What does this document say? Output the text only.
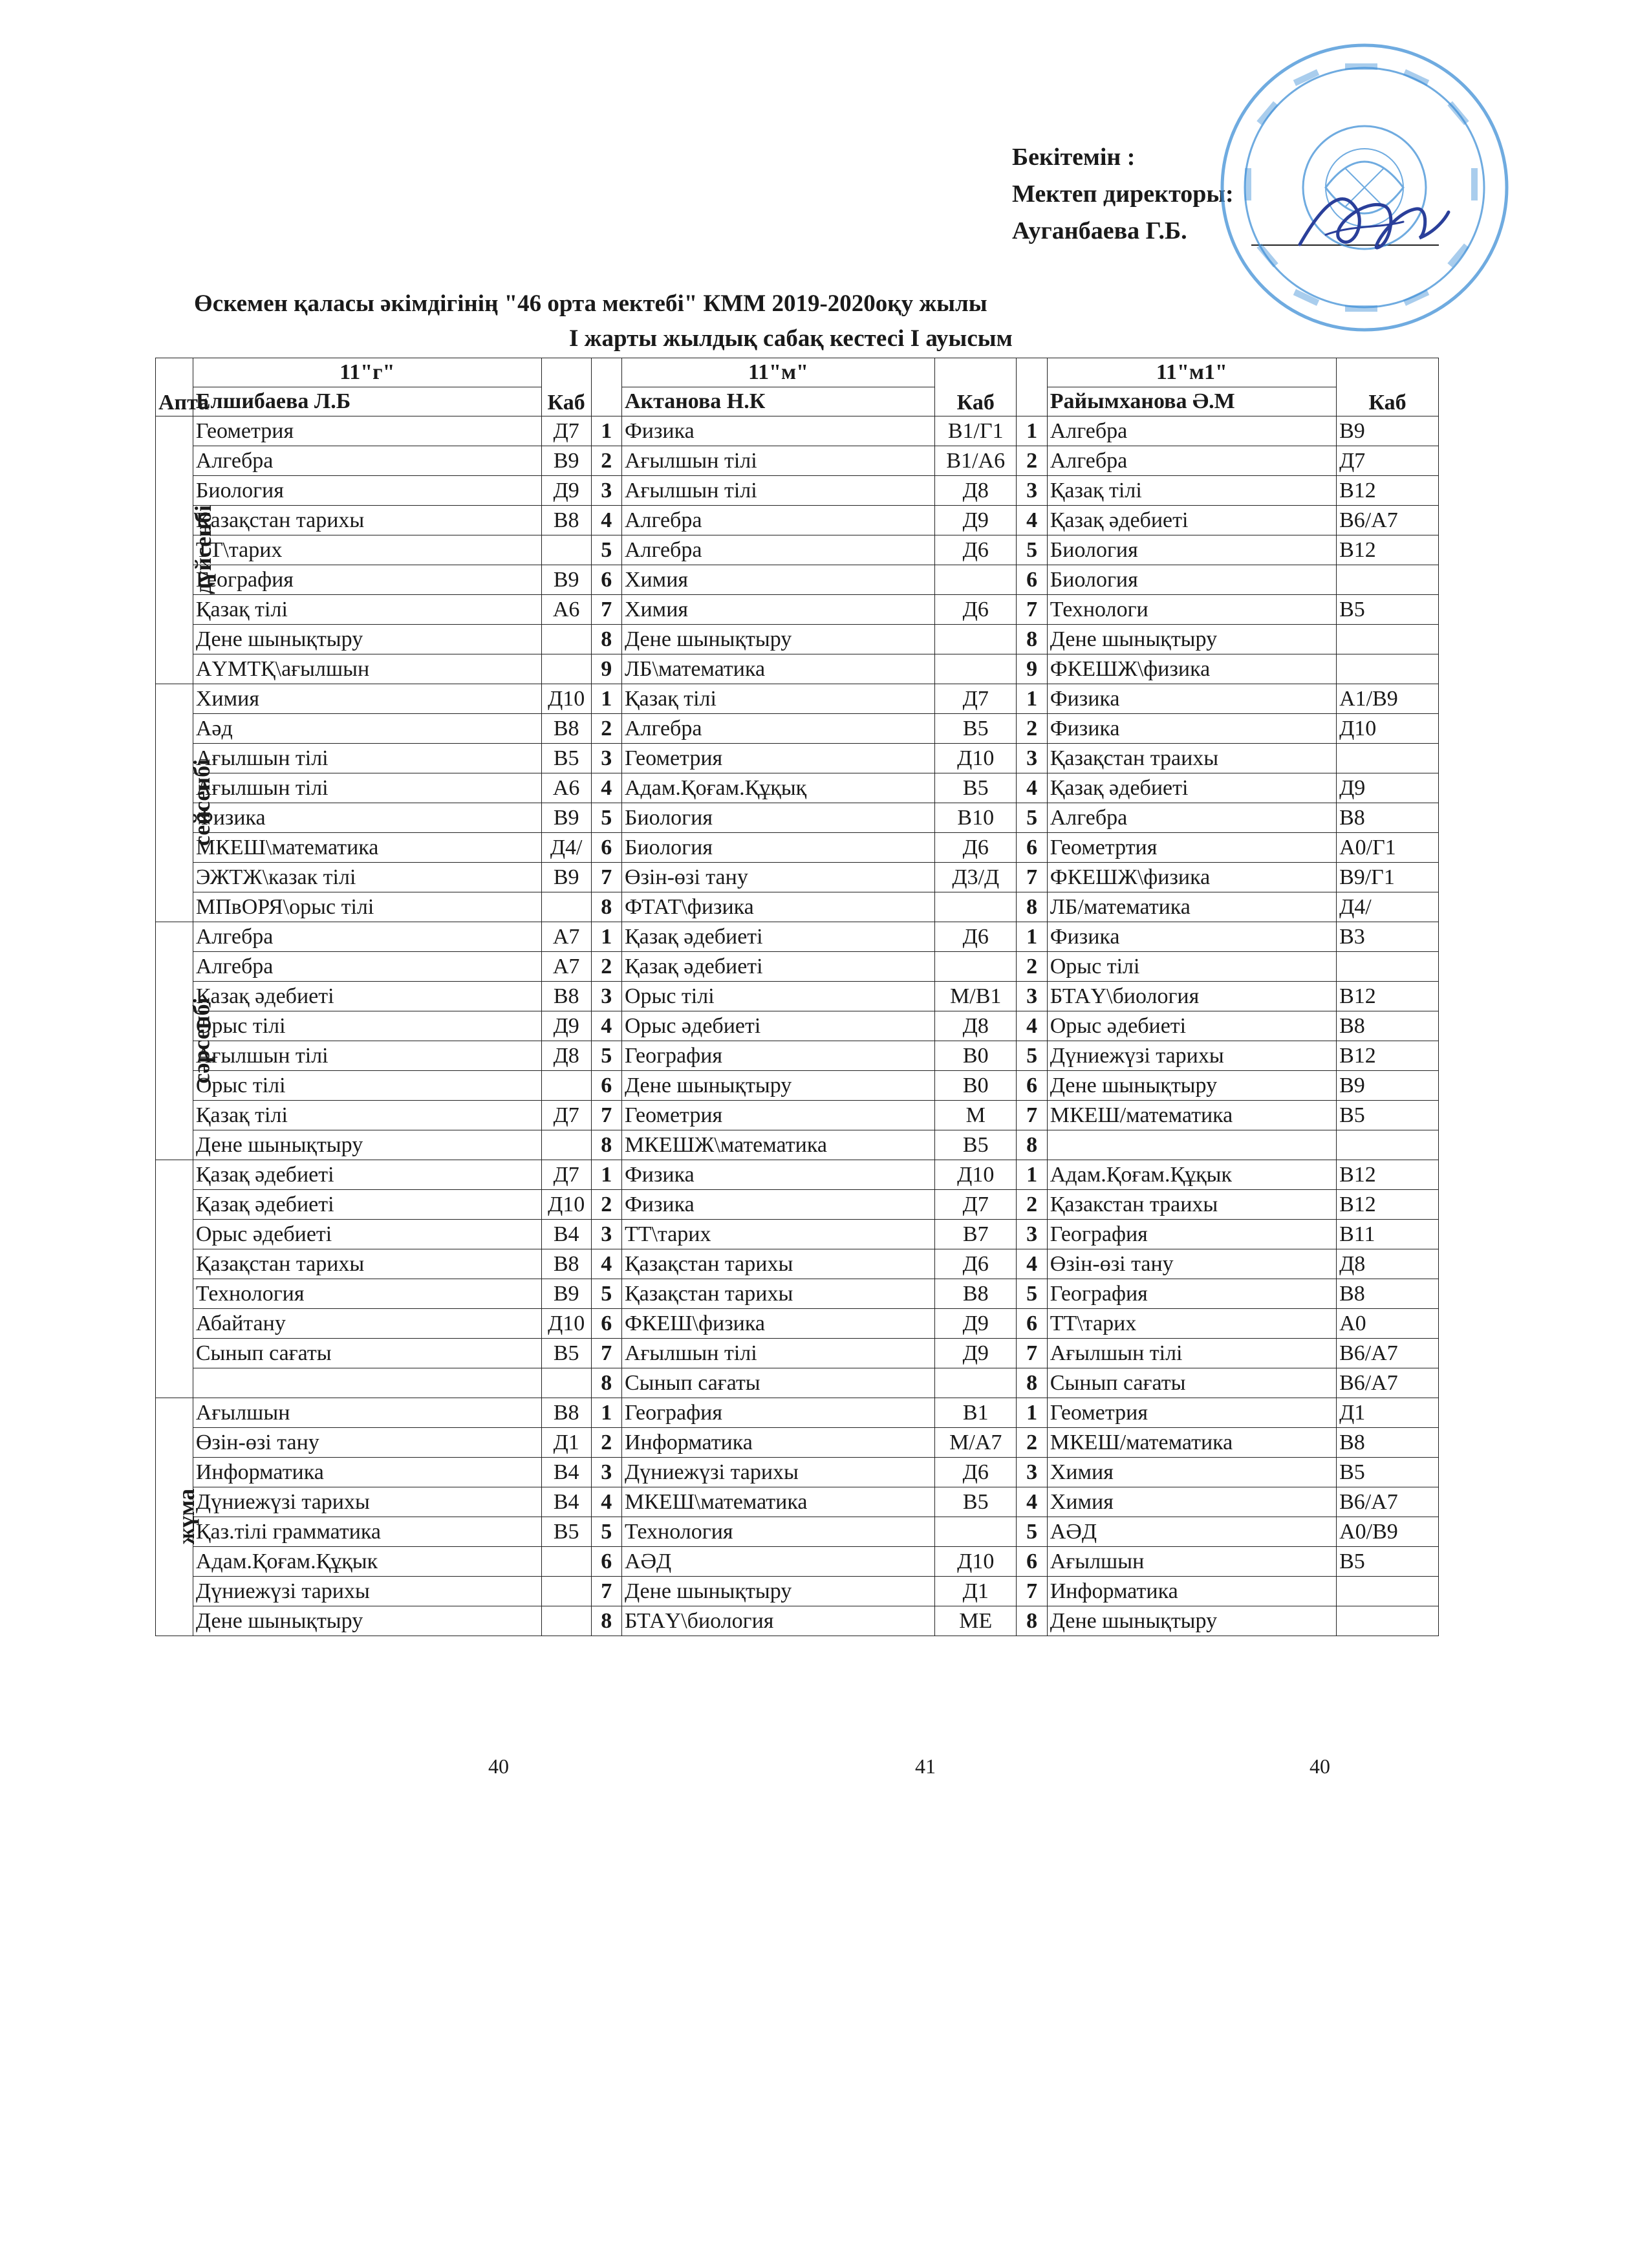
Бекітемін :
Мектеп директоры:
Ауганбаева Г.Б.
Өскемен қаласы әкімдігінің "46 орта мектебі" КММ 2019-2020оқу жылы
I жарты жылдық сабақ кестесі I ауысым
Апта	11"г"	Каб		11"м"	Каб		11"м1"	Каб
	Елшибаева Л.Б			Актанова Н.К			Райымханова Ә.М	
дүйсенбі	Геометрия	Д7	1	Физика	В1/Г1	1	Алгебра	В9
	Алгебра	В9	2	Ағылшын тілі	В1/А6	2	Алгебра	Д7
	Биология	Д9	3	Ағылшын тілі	Д8	3	Қазақ тілі	В12
	Қазақстан тарихы	В8	4	Алгебра	Д9	4	Қазақ әдебиеті	В6/А7
	ТТ\тарих		5	Алгебра	Д6	5	Биология	В12
	География	В9	6	Химия		6	Биология	
	Қазақ тілі	А6	7	Химия	Д6	7	Технологи	В5
	Дене шынықтыру		8	Дене шынықтыру		8	Дене шынықтыру	
	АҮМТҚ\ағылшын		9	ЛБ\математика		9	ФКЕШЖ\физика	
сейсенбі	Химия	Д10	1	Қазақ тілі	Д7	1	Физика	А1/В9
	Аәд	В8	2	Алгебра	В5	2	Физика	Д10
	Ағылшын тілі	В5	3	Геометрия	Д10	3	Қазақстан траихы	
	Ағылшын тілі	А6	4	Адам.Қоғам.Құқық	В5	4	Қазақ әдебиеті	Д9
	Физика	В9	5	Биология	В10	5	Алгебра	В8
	МКЕШ\математика	Д4/	6	Биология	Д6	6	Геометртия	А0/Г1
	ЭЖТЖ\казак тілі	В9	7	Өзін-өзі тану	Д3/Д	7	ФКЕШЖ\физика	В9/Г1
	МПвОРЯ\орыс тілі		8	ФТАТ\физика		8	ЛБ/математика	Д4/
сәрсенбі	Алгебра	А7	1	Қазақ әдебиеті	Д6	1	Физика	В3
	Алгебра	А7	2	Қазақ әдебиеті		2	Орыс тілі	
	Қазақ әдебиеті	В8	3	Орыс тілі	М/В1	3	БТАҮ\биология	В12
	Орыс тілі	Д9	4	Орыс әдебиеті	Д8	4	Орыс әдебиеті	В8
	Ағылшын тілі	Д8	5	География	В0	5	Дүниежүзі тарихы	В12
	Орыс тілі		6	Дене шынықтыру	В0	6	Дене шынықтыру	В9
	Қазақ тілі	Д7	7	Геометрия	М	7	МКЕШ/математика	В5
	Дене шынықтыру		8	МКЕШЖ\математика	В5	8		
	Қазақ әдебиеті	Д7	1	Физика	Д10	1	Адам.Қоғам.Құқык	В12
	Қазақ әдебиеті	Д10	2	Физика	Д7	2	Қазакстан траихы	В12
	Орыс әдебиеті	В4	3	ТТ\тарих	В7	3	География	В11
	Қазақстан тарихы	В8	4	Қазақстан тарихы	Д6	4	Өзін-өзі тану	Д8
	Технология	В9	5	Қазақстан тарихы	В8	5	География	В8
	Абайтану	Д10	6	ФКЕШ\физика	Д9	6	ТТ\тарих	А0
	Сынып сағаты	В5	7	Ағылшын тілі	Д9	7	Ағылшын тілі	В6/А7
			8	Сынып сағаты		8	Сынып сағаты	В6/А7
жұма	Ағылшын	В8	1	География	В1	1	Геометрия	Д1
	Өзін-өзі тану	Д1	2	Информатика	М/А7	2	МКЕШ/математика	В8
	Информатика	В4	3	Дүниежүзі тарихы	Д6	3	Химия	В5
	Дүниежүзі тарихы	В4	4	МКЕШ\математика	В5	4	Химия	В6/А7
	Қаз.тілі грамматика	В5	5	Технология		5	АӘД	А0/В9
	Адам.Қоғам.Құқык		6	АӘД	Д10	6	Ағылшын	В5
	Дүниежүзі тарихы		7	Дене шынықтыру	Д1	7	Информатика	
	Дене шынықтыру		8	БТАҮ\биология	МЕ	8	Дене шынықтыру	
40	41	40
